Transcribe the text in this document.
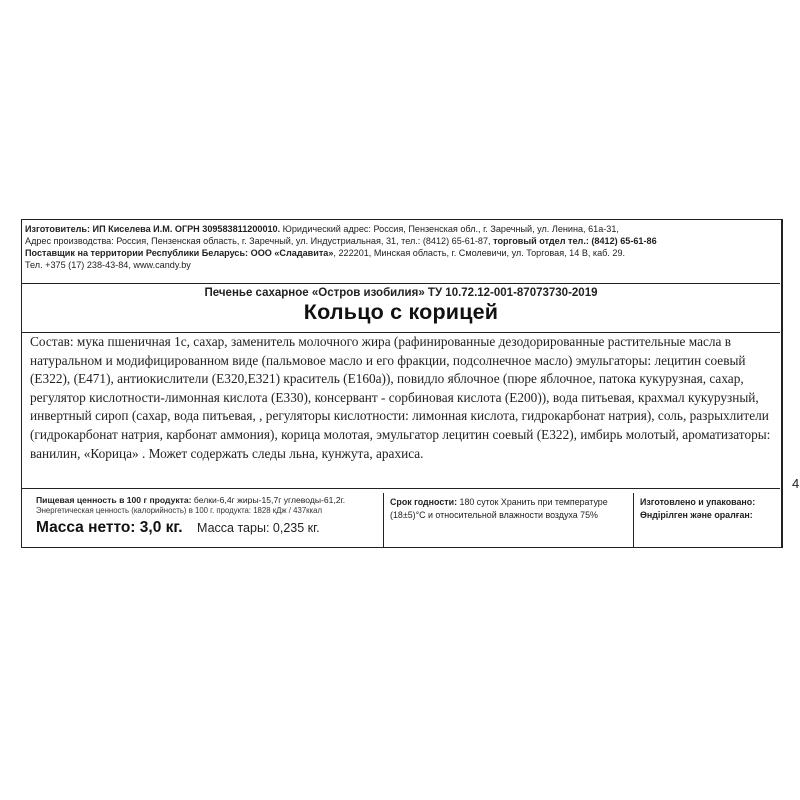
Изготовитель: ИП Киселева И.М. ОГРН 309583811200010. Юридический адрес: Россия, Пензенская обл., г. Заречный, ул. Ленина, 61а-31,
Адрес производства: Россия, Пензенская область, г. Заречный, ул. Индустриальная, 31, тел.: (8412) 65-61-87, торговый отдел тел.: (8412) 65-61-86
Поставщик на территории Республики Беларусь: ООО «Сладавита», 222201, Минская область, г. Смолевичи, ул. Торговая, 14 В, каб. 29.
Тел. +375 (17) 238-43-84, www.candy.by
Печенье сахарное «Остров изобилия» ТУ 10.72.12-001-87073730-2019
Кольцо с корицей
Состав: мука пшеничная 1с, сахар, заменитель молочного жира (рафинированные дезодорированные растительные масла в натуральном и модифицированном виде (пальмовое масло и его фракции, подсолнечное масло) эмульгаторы: лецитин соевый (E322), (E471), антиокислители (E320,E321) краситель (E160a)), повидло яблочное (пюре яблочное, патока кукурузная, сахар, регулятор кислотности-лимонная кислота (E330), консервант - сорбиновая кислота (E200)), вода питьевая, крахмал кукурузный, инвертный сироп (сахар, вода питьевая, , регуляторы кислотности: лимонная кислота, гидрокарбонат натрия), соль, разрыхлители (гидрокарбонат натрия, карбонат аммония), корица молотая, эмульгатор лецитин соевый (E322), имбирь молотый, ароматизаторы: ванилин, «Корица» . Может содержать следы льна, кунжута, арахиса.
Пищевая ценность в 100 г продукта: белки-6,4г жиры-15,7г углеводы-61,2г.
Энергетическая ценность (калорийность) в 100 г. продукта: 1828 кДж / 437ккал
Масса нетто: 3,0 кг. Масса тары: 0,235 кг.
Срок годности: 180 суток Хранить при температуре (18±5)°С и относительной влажности воздуха 75%
Изготовлено и упаковано:
Өндірілген және оралған:
4
